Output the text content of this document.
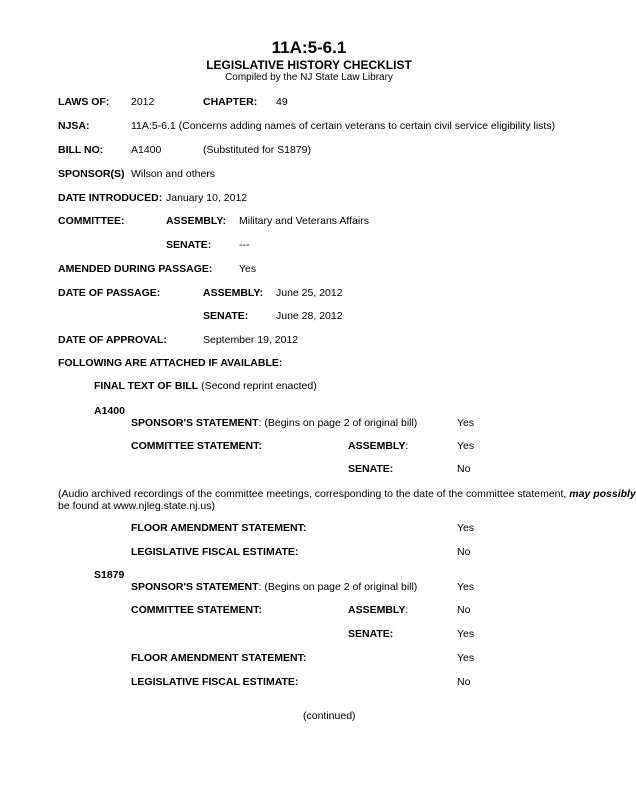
11A:5-6.1
LEGISLATIVE HISTORY CHECKLIST
Compiled by the NJ State Law Library
LAWS OF: 2012	CHAPTER: 49
NJSA:	11A:5-6.1 (Concerns adding names of certain veterans to certain civil service eligibility lists)
BILL NO:	A1400	(Substituted for S1879)
SPONSOR(S) Wilson and others
DATE INTRODUCED: January 10, 2012
COMMITTEE:	ASSEMBLY: Military and Veterans Affairs
SENATE:	---
AMENDED DURING PASSAGE:	Yes
DATE OF PASSAGE:	ASSEMBLY: June 25, 2012
SENATE:	June 28, 2012
DATE OF APPROVAL:	September 19, 2012
FOLLOWING ARE ATTACHED IF AVAILABLE:
FINAL TEXT OF BILL (Second reprint enacted)
A1400
SPONSOR'S STATEMENT: (Begins on page 2 of original bill)	Yes
COMMITTEE STATEMENT:	ASSEMBLY:	Yes
SENATE:	No
(Audio archived recordings of the committee meetings, corresponding to the date of the committee statement, may possibly
be found at www.njleg.state.nj.us)
FLOOR AMENDMENT STATEMENT:	Yes
LEGISLATIVE FISCAL ESTIMATE:	No
S1879
SPONSOR'S STATEMENT: (Begins on page 2 of original bill)	Yes
COMMITTEE STATEMENT:	ASSEMBLY:	No
SENATE:	Yes
FLOOR AMENDMENT STATEMENT:	Yes
LEGISLATIVE FISCAL ESTIMATE:	No
(continued)
